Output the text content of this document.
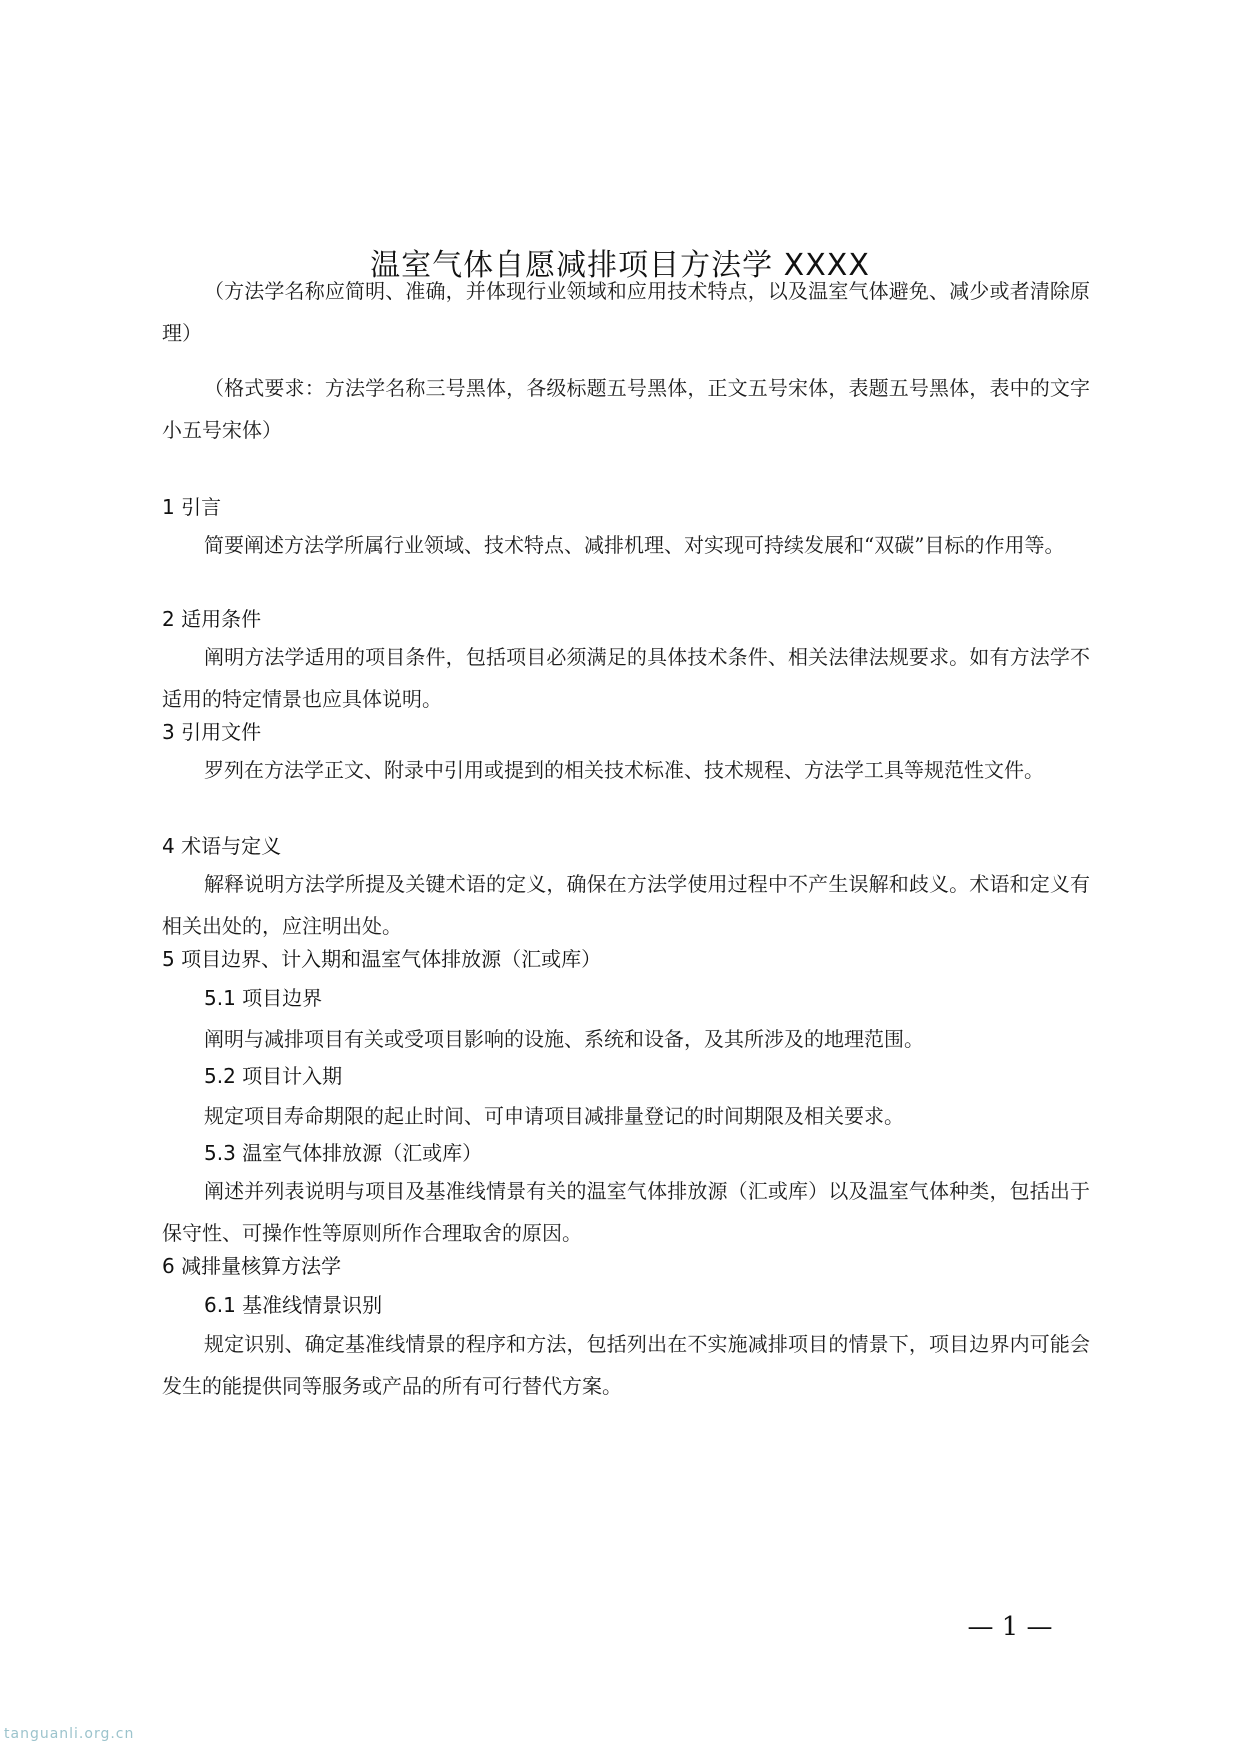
温室气体自愿减排项目方法学 XXXX

（方法学名称应简明、准确，并体现行业领域和应用技术特点，以及温室气体避免、减少或者清除原理）

（格式要求：方法学名称三号黑体，各级标题五号黑体，正文五号宋体，表题五号黑体，表中的文字小五号宋体）

1 引言

简要阐述方法学所属行业领域、技术特点、减排机理、对实现可持续发展和“双碳”目标的作用等。

2 适用条件

阐明方法学适用的项目条件，包括项目必须满足的具体技术条件、相关法律法规要求。如有方法学不适用的特定情景也应具体说明。

3 引用文件

罗列在方法学正文、附录中引用或提到的相关技术标准、技术规程、方法学工具等规范性文件。

4 术语与定义

解释说明方法学所提及关键术语的定义，确保在方法学使用过程中不产生误解和歧义。术语和定义有相关出处的，应注明出处。

5 项目边界、计入期和温室气体排放源（汇或库）
5.1 项目边界

阐明与减排项目有关或受项目影响的设施、系统和设备，及其所涉及的地理范围。

5.2 项目计入期

规定项目寿命期限的起止时间、可申请项目减排量登记的时间期限及相关要求。

5.3 温室气体排放源（汇或库）

阐述并列表说明与项目及基准线情景有关的温室气体排放源（汇或库）以及温室气体种类，包括出于保守性、可操作性等原则所作合理取舍的原因。

6 减排量核算方法学
6.1 基准线情景识别

规定识别、确定基准线情景的程序和方法，包括列出在不实施减排项目的情景下，项目边界内可能会发生的能提供同等服务或产品的所有可行替代方案。

— 1 —
tanguanli.org.cn
